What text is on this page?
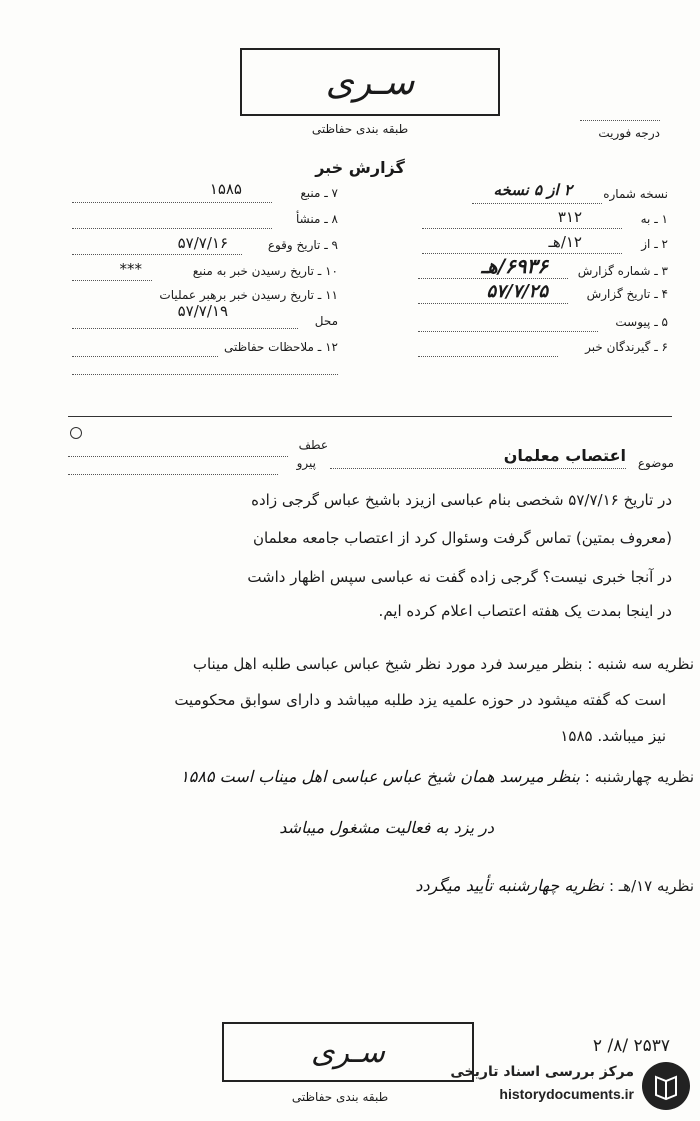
سـری
طبقه بندی حفاظتی	درجه فوریت
گزارش خبر
نسخه شماره
۲ از ۵ نسخه
۱ ـ به
۳۱۲
۲ ـ از
۱۲/هـ
۳ ـ شماره گزارش
۶۹۳۶/هـ
۴ ـ تاریخ گزارش
۵۷/۷/۲۵
۵ ـ پیوست
۶ ـ گیرندگان خبر
۷ ـ منبع
۱۵۸۵
۸ ـ منشأ
۹ ـ تاریخ وقوع
۵۷/۷/۱۶
۱۰ ـ تاریخ رسیدن خبر به منبع
***
۱۱ ـ تاریخ رسیدن خبر برهبر عملیات
محل
۵۷/۷/۱۹
۱۲ ـ ملاحظات حفاظتی
عطف
پیرو	موضوع
اعتصاب معلمان
در تاریخ ۵۷/۷/۱۶ شخصی بنام عباسی ازیزد باشیخ عباس گرجی زاده
(معروف بمتین) تماس گرفت وسئوال کرد از اعتصاب جامعه معلمان
در آنجا خبری نیست؟ گرجی زاده گفت نه عباسی سپس اظهار داشت
در اینجا بمدت یک هفته اعتصاب اعلام کرده ایم.
نظریه سه شنبه : بنظر میرسد فرد مورد نظر شیخ عباس عباسی طلبه اهل میناب
است که گفته میشود در حوزه علمیه یزد طلبه میباشد و دارای سوابق محکومیت
نیز میباشد. ۱۵۸۵
نظریه چهارشنبه : بنظر میرسد همان شیخ عباس عباسی اهل میناب است ۱۵۸۵
در یزد به فعالیت مشغول میباشد
نظریه ۱۷/هـ : نظریه چهارشنبه تأیید میگردد
سـری	۲۵۳۷ /۸/ ۲
طبقه بندی حفاظتی
مرکز بررسی اسناد تاریخی
historydocuments.ir
